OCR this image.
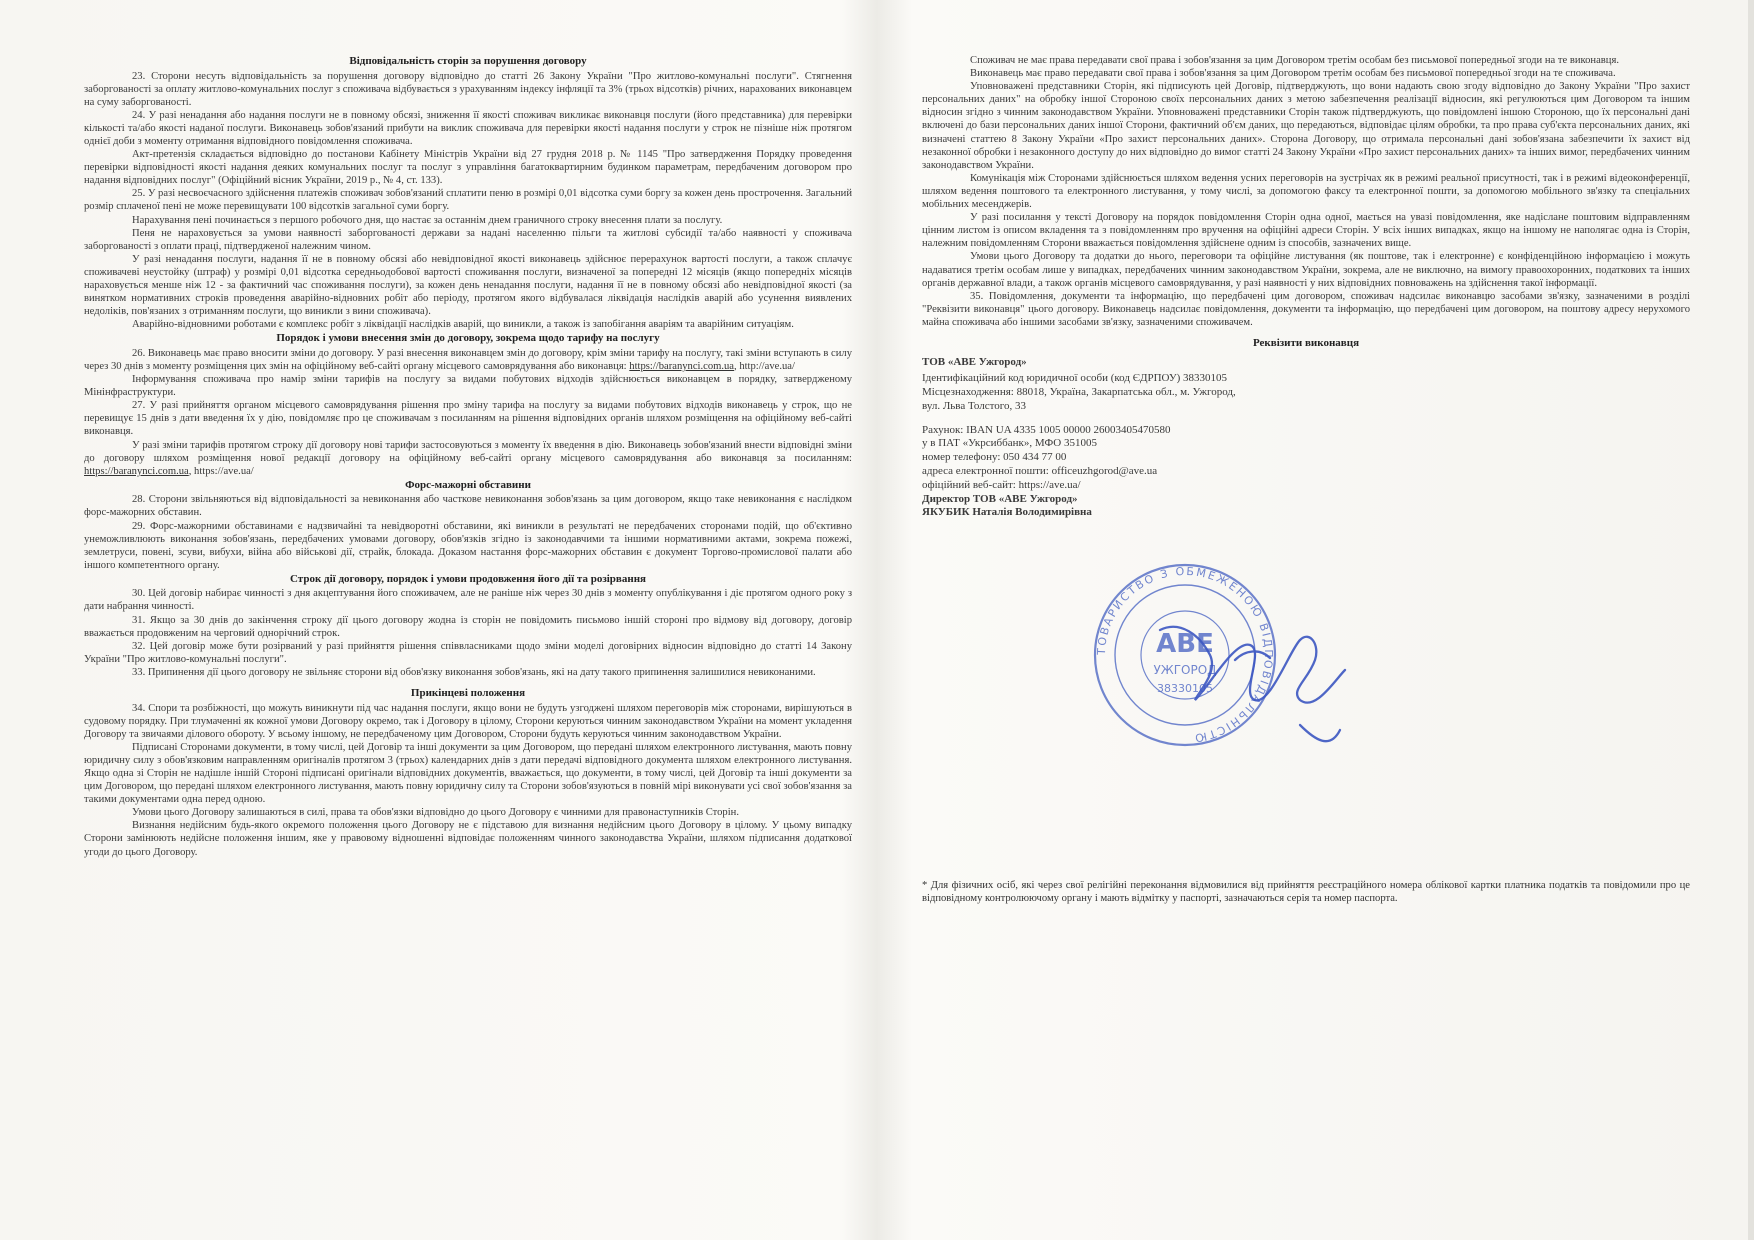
Відповідальність сторін за порушення договору

23. Сторони несуть відповідальність за порушення договору відповідно до статті 26 Закону України "Про житлово-комунальні послуги". Стягнення заборгованості за оплату житлово-комунальних послуг з споживача відбувається з урахуванням індексу інфляції та 3% (трьох відсотків) річних, нарахованих виконавцем на суму заборгованості.

24. У разі ненадання або надання послуги не в повному обсязі, зниження її якості споживач викликає виконавця послуги (його представника) для перевірки кількості та/або якості наданої послуги. Виконавець зобов'язаний прибути на виклик споживача для перевірки якості надання послуги у строк не пізніше ніж протягом однієї доби з моменту отримання відповідного повідомлення споживача.

Акт-претензія складається відповідно до постанови Кабінету Міністрів України від 27 грудня 2018 р. № 1145 "Про затвердження Порядку проведення перевірки відповідності якості надання деяких комунальних послуг та послуг з управління багатоквартирним будинком параметрам, передбаченим договором про надання відповідних послуг" (Офіційний вісник України, 2019 р., № 4, ст. 133).

25. У разі несвоєчасного здійснення платежів споживач зобов'язаний сплатити пеню в розмірі 0,01 відсотка суми боргу за кожен день прострочення. Загальний розмір сплаченої пені не може перевищувати 100 відсотків загальної суми боргу.

Нарахування пені починається з першого робочого дня, що настає за останнім днем граничного строку внесення плати за послугу.

Пеня не нараховується за умови наявності заборгованості держави за надані населенню пільги та житлові субсидії та/або наявності у споживача заборгованості з оплати праці, підтвердженої належним чином.

У разі ненадання послуги, надання її не в повному обсязі або невідповідної якості виконавець здійснює перерахунок вартості послуги, а також сплачує споживачеві неустойку (штраф) у розмірі 0,01 відсотка середньодобової вартості споживання послуги, визначеної за попередні 12 місяців (якщо попередніх місяців нараховується менше ніж 12 - за фактичний час споживання послуги), за кожен день ненадання послуги, надання її не в повному обсязі або невідповідної якості (за винятком нормативних строків проведення аварійно-відновних робіт або періоду, протягом якого відбувалася ліквідація наслідків аварій або усунення виявлених недоліків, пов'язаних з отриманням послуги, що виникли з вини споживача).

Аварійно-відновними роботами є комплекс робіт з ліквідації наслідків аварій, що виникли, а також із запобігання аваріям та аварійним ситуаціям.

Порядок і умови внесення змін до договору, зокрема щодо тарифу на послугу

26. Виконавець має право вносити зміни до договору. У разі внесення виконавцем змін до договору, крім зміни тарифу на послугу, такі зміни вступають в силу через 30 днів з моменту розміщення цих змін на офіційному веб-сайті органу місцевого самоврядування або виконавця: https://baranynci.com.ua, http://ave.ua/

Інформування споживача про намір зміни тарифів на послугу за видами побутових відходів здійснюється виконавцем в порядку, затвердженому Мінінфраструктури.

27. У разі прийняття органом місцевого самоврядування рішення про зміну тарифа на послугу за видами побутових відходів виконавець у строк, що не перевищує 15 днів з дати введення їх у дію, повідомляє про це споживачам з посиланням на рішення відповідних органів шляхом розміщення на офіційному веб-сайті виконавця.

У разі зміни тарифів протягом строку дії договору нові тарифи застосовуються з моменту їх введення в дію. Виконавець зобов'язаний внести відповідні зміни до договору шляхом розміщення нової редакції договору на офіційному веб-сайті органу місцевого самоврядування або виконавця за посиланням: https://baranynci.com.ua, https://ave.ua/

Форс-мажорні обставини

28. Сторони звільняються від відповідальності за невиконання або часткове невиконання зобов'язань за цим договором, якщо таке невиконання є наслідком форс-мажорних обставин.

29. Форс-мажорними обставинами є надзвичайні та невідворотні обставини, які виникли в результаті не передбачених сторонами подій, що об'єктивно унеможливлюють виконання зобов'язань, передбачених умовами договору, обов'язків згідно із законодавчими та іншими нормативними актами, зокрема пожежі, землетруси, повені, зсуви, вибухи, війна або військові дії, страйк, блокада. Доказом настання форс-мажорних обставин є документ Торгово-промислової палати або іншого компетентного органу.

Строк дії договору, порядок і умови продовження його дії та розірвання

30. Цей договір набирає чинності з дня акцептування його споживачем, але не раніше ніж через 30 днів з моменту опублікування і діє протягом одного року з дати набрання чинності.

31. Якщо за 30 днів до закінчення строку дії цього договору жодна із сторін не повідомить письмово іншій стороні про відмову від договору, договір вважається продовженим на черговий однорічний строк.

32. Цей договір може бути розірваний у разі прийняття рішення співвласниками щодо зміни моделі договірних відносин відповідно до статті 14 Закону України "Про житлово-комунальні послуги".

33. Припинення дії цього договору не звільняє сторони від обов'язку виконання зобов'язань, які на дату такого припинення залишилися невиконаними.

Прикінцеві положення

34. Спори та розбіжності, що можуть виникнути під час надання послуги, якщо вони не будуть узгоджені шляхом переговорів між сторонами, вирішуються в судовому порядку. При тлумаченні як кожної умови Договору окремо, так і Договору в цілому, Сторони керуються чинним законодавством України на момент укладення Договору та звичаями ділового обороту. У всьому іншому, не передбаченому цим Договором, Сторони будуть керуються чинним законодавством України.

Підписані Сторонами документи, в тому числі, цей Договір та інші документи за цим Договором, що передані шляхом електронного листування, мають повну юридичну силу з обов'язковим направленням оригіналів протягом 3 (трьох) календарних днів з дати передачі відповідного документа шляхом електронного листування. Якщо одна зі Сторін не надішле іншій Стороні підписані оригінали відповідних документів, вважається, що документи, в тому числі, цей Договір та інші документи за цим Договором, що передані шляхом електронного листування, мають повну юридичну силу та Сторони зобов'язуються в повній мірі виконувати усі свої зобов'язання за такими документами одна перед одною.

Умови цього Договору залишаються в силі, права та обов'язки відповідно до цього Договору є чинними для правонаступників Сторін.

Визнання недійсним будь-якого окремого положення цього Договору не є підставою для визнання недійсним цього Договору в цілому. У цьому випадку Сторони замінюють недійсне положення іншим, яке у правовому відношенні відповідає положенням чинного законодавства України, шляхом підписання додаткової угоди до цього Договору.

Споживач не має права передавати свої права і зобов'язання за цим Договором третім особам без письмової попередньої згоди на те виконавця.

Виконавець має право передавати свої права і зобов'язання за цим Договором третім особам без письмової попередньої згоди на те споживача.

Уповноважені представники Сторін, які підписують цей Договір, підтверджують, що вони надають свою згоду відповідно до Закону України "Про захист персональних даних" на обробку іншої Стороною своїх персональних даних з метою забезпечення реалізації відносин, які регулюються цим Договором та іншим відносин згідно з чинним законодавством України. Уповноважені представники Сторін також підтверджують, що повідомлені іншою Стороною, що їх персональні дані включені до бази персональних даних іншої Сторони, фактичний об'єм даних, що передаються, відповідає цілям обробки, та про права суб'єкта персональних даних, які визначені статтею 8 Закону України «Про захист персональних даних». Сторона Договору, що отримала персональні дані зобов'язана забезпечити їх захист від незаконної обробки і незаконного доступу до них відповідно до вимог статті 24 Закону України «Про захист персональних даних» та інших вимог, передбачених чинним законодавством України.

Комунікація між Сторонами здійснюється шляхом ведення усних переговорів на зустрічах як в режимі реальної присутності, так і в режимі відеоконференції, шляхом ведення поштового та електронного листування, у тому числі, за допомогою факсу та електронної пошти, за допомогою мобільного зв'язку та спеціальних мобільних месенджерів.

У разі посилання у тексті Договору на порядок повідомлення Сторін одна одної, мається на увазі повідомлення, яке надіслане поштовим відправленням цінним листом із описом вкладення та з повідомленням про вручення на офіційні адреси Сторін. У всіх інших випадках, якщо на іншому не наполягає одна із Сторін, належним повідомленням Сторони вважається повідомлення здійснене одним із способів, зазначених вище.

Умови цього Договору та додатки до нього, переговори та офіційне листування (як поштове, так і електронне) є конфіденційною інформацією і можуть надаватися третім особам лише у випадках, передбачених чинним законодавством України, зокрема, але не виключно, на вимогу правоохоронних, податкових та інших органів державної влади, а також органів місцевого самоврядування, у разі наявності у них відповідних повноважень на здійснення такої інформації.

35. Повідомлення, документи та інформацію, що передбачені цим договором, споживач надсилає виконавцю засобами зв'язку, зазначеними в розділі "Реквізити виконавця" цього договору. Виконавець надсилає повідомлення, документи та інформацію, що передбачені цим договором, на поштову адресу нерухомого майна споживача або іншими засобами зв'язку, зазначеними споживачем.

Реквізити виконавця
ТОВ «АВЕ Ужгород»
Ідентифікаційний код юридичної особи (код ЄДРПОУ) 38330105
Місцезнаходження: 88018, Україна, Закарпатська обл., м. Ужгород,
вул. Льва Толстого, 33
Рахунок: IBAN UA 4335 1005 00000 26003405470580
у в ПАТ «Укрсиббанк», МФО 351005
номер телефону: 050 434 77 00
адреса електронної пошти: officeuzhgorod@ave.ua
офіційний веб-сайт: https://ave.ua/
Директор ТОВ «АВЕ Ужгород»
ЯКУБИК Наталія Володимирівна
* Для фізичних осіб, які через свої релігійні переконання відмовилися від прийняття реєстраційного номера облікової картки платника податків та повідомили про це відповідному контролюючому органу і мають відмітку у паспорті, зазначаються серія та номер паспорта.
ТОВАРИСТВО З ОБМЕЖЕНОЮ ВІДПОВІДАЛЬНІСТЮ
АВЕ
УЖГОРОД
38330105
